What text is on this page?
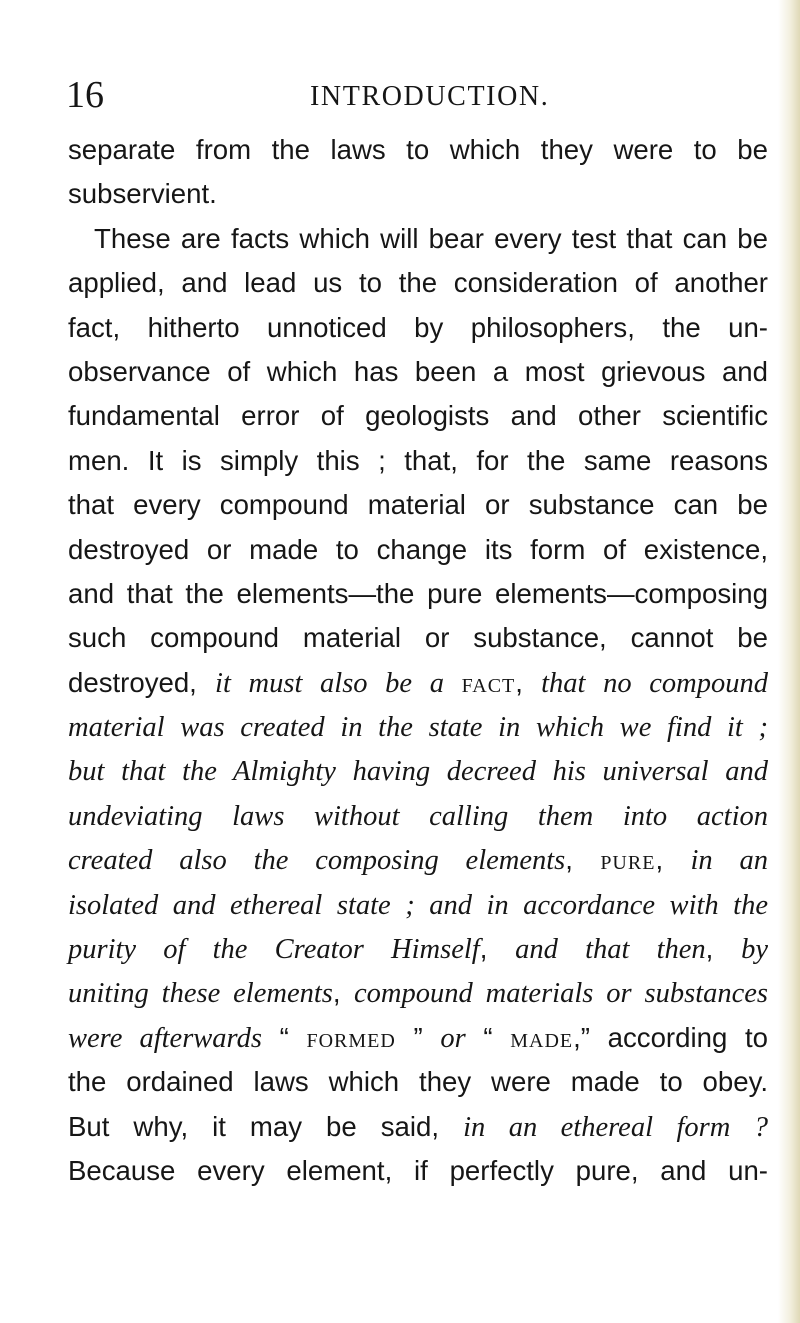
16	INTRODUCTION.
separate from the laws to which they were to be
subservient.
These are facts which will bear every test that can be
applied, and lead us to the consideration of another
fact, hitherto unnoticed by philosophers, the un-
observance of which has been a most grievous and
fundamental error of geologists and other scientific
men. It is simply this ; that, for the same reasons
that every compound material or substance can be
destroyed or made to change its form of existence,
and that the elements—the pure elements—composing
such compound material or substance, cannot be
destroyed, it must also be a FACT, that no compound
material was created in the state in which we find it ;
but that the Almighty having decreed his universal and
undeviating laws without calling them into action
created also the composing elements, PURE, in an
isolated and ethereal state ; and in accordance with the
purity of the Creator Himself, and that then, by
uniting these elements, compound materials or substances
were afterwards “ FORMED ” or “ MADE,” according to
the ordained laws which they were made to obey.
But why, it may be said, in an ethereal form ?
Because every element, if perfectly pure, and un-
